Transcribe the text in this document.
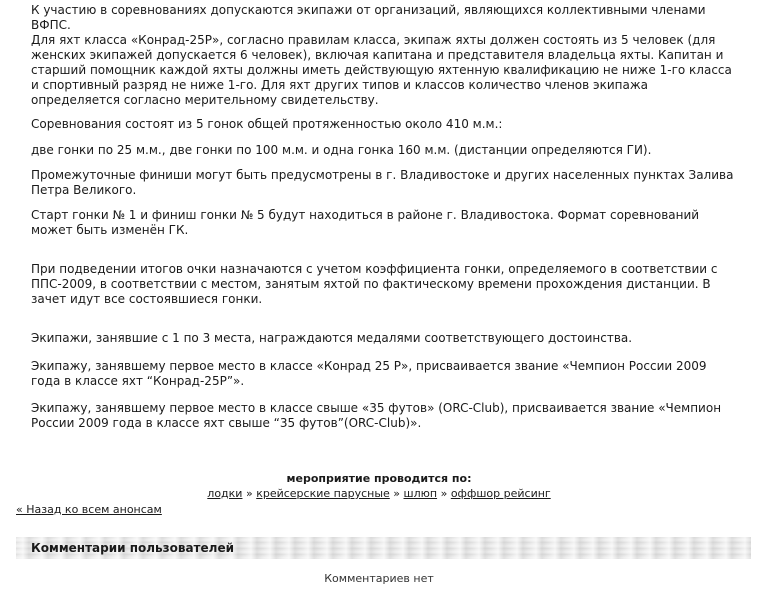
К участию в соревнованиях допускаются экипажи от организаций, являющихся коллективными членами ВФПС.

Для яхт класса «Конрад-25Р», согласно правилам класса, экипаж яхты должен состоять из 5 человек (для женских экипажей допускается 6 человек), включая капитана и представителя владельца яхты. Капитан и старший помощник каждой яхты должны иметь действующую яхтенную квалификацию не ниже 1-го класса и спортивный разряд не ниже 1-го. Для яхт других типов и классов количество членов экипажа определяется согласно мерительному свидетельству.

Соревнования состоят из 5 гонок общей протяженностью около 410 м.м.:

две гонки по 25 м.м., две гонки по 100 м.м. и одна гонка 160 м.м. (дистанции определяются ГИ).

Промежуточные финиши могут быть предусмотрены в г. Владивостоке и других населенных пунктах Залива Петра Великого.

Старт гонки № 1 и финиш гонки № 5 будут находиться в районе г. Владивостока. Формат соревнований может быть изменён ГК.

При подведении итогов очки назначаются с учетом коэффициента гонки, определяемого в соответствии с ППС-2009, в соответствии с местом, занятым яхтой по фактическому времени прохождения дистанции. В зачет идут все состоявшиеся гонки.

Экипажи, занявшие с 1 по 3 места, награждаются медалями соответствующего достоинства.

Экипажу, занявшему первое место в классе «Конрад 25 Р», присваивается звание «Чемпион России 2009 года в классе яхт “Конрад-25Р”».

Экипажу, занявшему первое место в классе свыше «35 футов» (ORC-Club), присваивается звание «Чемпион России 2009 года в классе яхт свыше “35 футов”(ORC-Club)».

мероприятие проводится по:
лодки » крейсерские парусные » шлюп » оффшор рейсинг
« Назад ко всем анонсам
Комментарии пользователей
Комментариев нет
